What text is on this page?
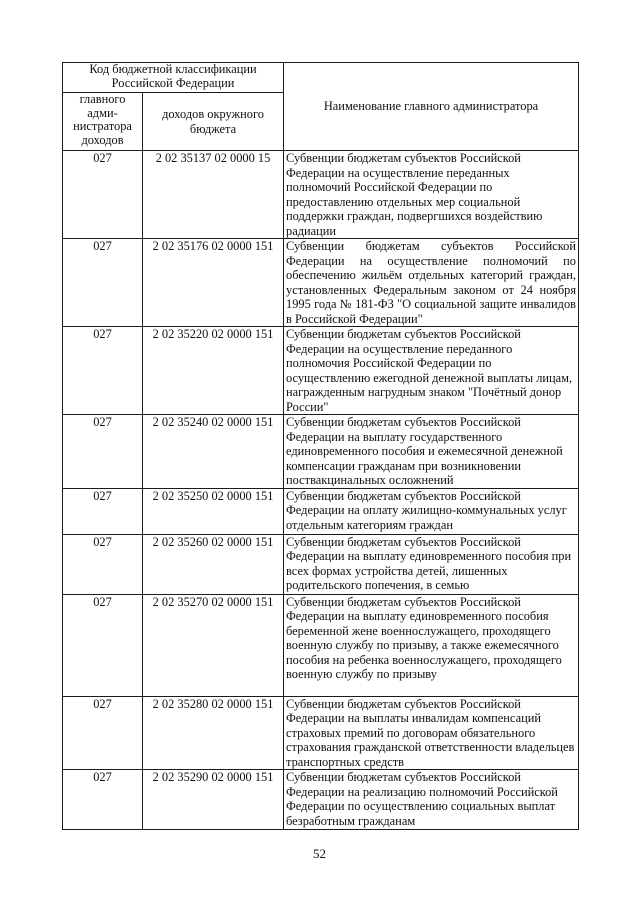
Код бюджетной классификации Российской Федерации		Наименование главного администратора
главного адми-нистратора доходов	доходов окружного бюджета	
027	2 02 35137 02 0000 15	Субвенции бюджетам субъектов Российской Федерации на осуществление переданных полномочий Российской Федерации по предоставлению отдельных мер социальной поддержки граждан, подвергшихся воздействию радиации
027	2 02 35176 02 0000 151	Субвенции бюджетам субъектов Российской Федерации на осуществление полномочий по обеспечению жильём отдельных категорий граждан, установленных Федеральным законом от 24 ноября 1995 года № 181-ФЗ "О социальной защите инвалидов в Российской Федерации"
027	2 02 35220 02 0000 151	Субвенции бюджетам субъектов Российской Федерации на осуществление переданного полномочия Российской Федерации по осуществлению ежегодной денежной выплаты лицам, награжденным нагрудным знаком "Почётный донор России"
027	2 02 35240 02 0000 151	Субвенции бюджетам субъектов Российской Федерации на выплату государственного единовременного пособия и ежемесячной денежной компенсации гражданам при возникновении поствакцинальных осложнений
027	2 02 35250 02 0000 151	Субвенции бюджетам субъектов Российской Федерации на оплату жилищно-коммунальных услуг отдельным категориям граждан
027	2 02 35260 02 0000 151	Субвенции бюджетам субъектов Российской Федерации на выплату единовременного пособия при всех формах устройства детей, лишенных родительского попечения, в семью
027	2 02 35270 02 0000 151	Субвенции бюджетам субъектов Российской Федерации на выплату единовременного пособия беременной жене военнослужащего, проходящего военную службу по призыву, а также ежемесячного пособия на ребенка военнослужащего, проходящего военную службу по призыву
027	2 02 35280 02 0000 151	Субвенции бюджетам субъектов Российской Федерации на выплаты инвалидам компенсаций страховых премий по договорам обязательного страхования гражданской ответственности владельцев транспортных средств
027	2 02 35290 02 0000 151	Субвенции бюджетам субъектов Российской Федерации на реализацию полномочий Российской Федерации по осуществлению социальных выплат безработным гражданам
52
